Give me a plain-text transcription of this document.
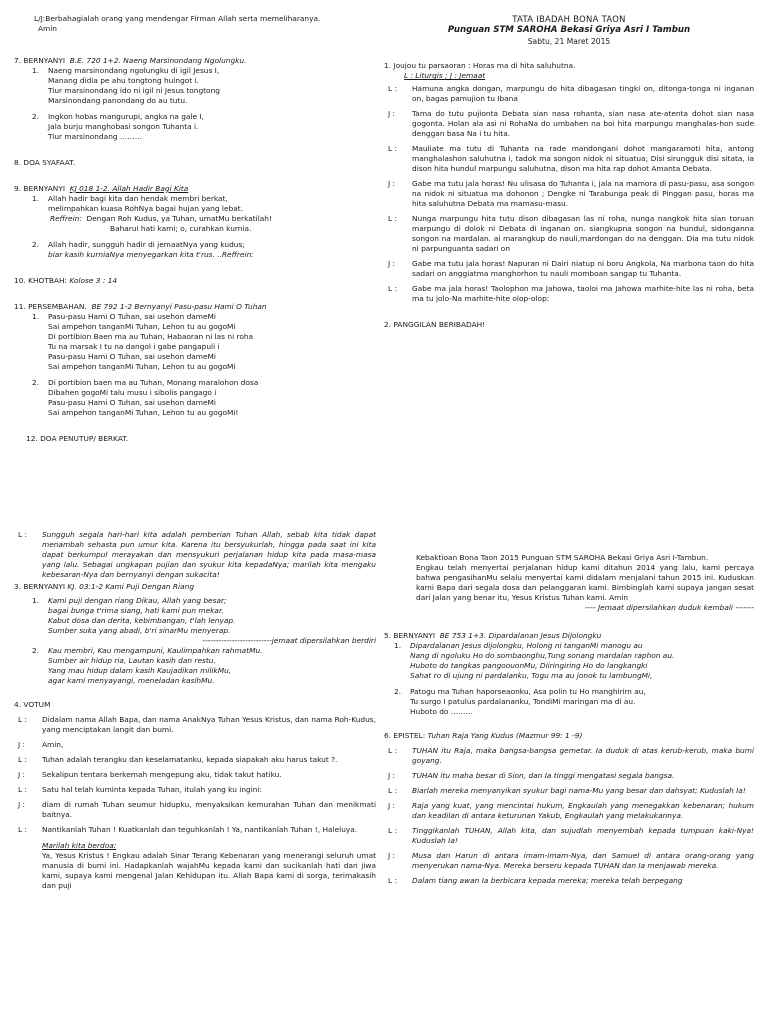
L/J:Berbahagialah orang yang mendengar Firman Allah serta memeliharanya.
Amin
7. BERNYANYI B.E. 720 1+2. Naeng Marsinondang Ngolungku.
1.	Naeng marsinondang ngolungku di igil Jesus I,
Manang didia pe ahu tongtong huingot i.
Tiur marsinondang ido ni igil ni Jesus tongtong
Marsinondang panondang do au tutu.
2.	Ingkon hobas mangurupi, angka na gale I,
Jala burju manghobasi songon Tuhanta i.
Tiur marsinondang ………
8. DOA SYAFAAT.
9. BERNYANYI KJ 018 1-2. Allah Hadir Bagi Kita
1.	Allah hadir bagi kita dan hendak membri berkat,
melimpahkan kuasa RohNya bagai hujan yang lebat.
Reffrein: Dengan Roh Kudus, ya Tuhan, umatMu berkatilah!
Baharui hati kami; o, curahkan kurnia.
2.	Allah hadir, sungguh hadir di jemaatNya yang kudus;
biar kasih kurniaNya menyegarkan kita t'rus. ..Reffrein:
10. KHOTBAH: Kolose 3 : 14
11. PERSEMBAHAN. BE 792 1-2 Bernyanyi Pasu-pasu Hami O Tuhan
1.	Pasu-pasu Hami O Tuhan, sai usehon dameMi
Sai ampehon tanganMi Tuhan, Lehon tu au gogoMi
Di portibion Baen ma au Tuhan, Habaoran ni las ni roha
Tu na marsak I tu na dangol i gabe pangapuli i
Pasu-pasu Hami O Tuhan, sai usehon dameMi
Sai ampehon tanganMi Tuhan, Lehon tu au gogoMi
2.	Di portibion baen ma au Tuhan, Monang maralohon dosa
Dibahen gogoMi talu musu i sibolis pangago i
Pasu-pasu Hami O Tuhan, sai usehon dameMi
Sai ampehon tanganMi Tuhan, Lehon tu au gogoMi!
12. DOA PENUTUP/ BERKAT.
TATA IBADAH BONA TAON
Punguan STM SAROHA Bekasi Griya Asri I Tambun
Sabtu, 21 Maret 2015
1. Joujou tu parsaoran : Horas ma di hita saluhutna.
L : Liturgis ; J : Jemaat
L :	Hamuna angka dongan, marpungu do hita dibagasan tingki on, ditonga-tonga ni inganan on, bagas pamujion tu Ibana
J :	Tama do tutu pujionta Debata sian nasa rohanta, sian nasa ate-atenta dohot sian nasa gogonta. Holan ala asi ni RohaNa do umbahen na boi hita marpungu manghalas-hon sude denggan basa Na i tu hita.
L :	Mauliate ma tutu di Tuhanta na rade mandongani dohot mangaramoti hita, antong manghalashon saluhutna i, tadok ma songon nidok ni situatua; Disi sirungguk disi sitata, ia dison hita hundul marpungu saluhutna, dison ma hita rap dohot Amanta Debata.
J :	Gabe ma tutu jala horas! Nu ulisasa do Tuhanta i, jala na mamora di pasu-pasu, asa songon na nidok ni situatua ma dohonon ; Dengke ni Tarabunga peak di Pinggan pasu, horas ma hita saluhutna Debata ma mamasu-masu.
L :	Nunga marpungu hita tutu dison dibagasan las ni roha, nunga nangkok hita sian toruan marpungu di dolok ni Debata di inganan on. siangkupna songon na hundul, sidonganna songon na mardalan. ai marangkup do nauli,mardongan do na denggan. Dia ma tutu nidok ni parpunguanta sadari on
J :	Gabe ma tutu jala horas! Napuran ni Dairi niatup ni boru Angkola, Na marbona taon do hita sadari on anggiatma manghorhon tu nauli momboan sangap tu Tuhanta.
L :	Gabe ma jala horas! Taolophon ma Jahowa, taoloi ma Jahowa marhite-hite las ni roha, beta ma tu jolo-Na marhite-hite olop-olop:
2. PANGGILAN BERIBADAH!
L :	Sungguh segala hari-hari kita adalah pemberian Tuhan Allah, sebab kita tidak dapat menambah sehasta pun umur kita. Karena itu bersyukurlah, hingga pada saat ini kita dapat berkumpul merayakan dan mensyukuri perjalanan hidup kita pada masa-masa yang lalu. Sebagai ungkapan pujian dan syukur kita kepadaNya; marilah kita mengaku kebesaran-Nya dan bernyanyi dengan sukacita!
3. BERNYANYI KJ. 03:1-2 Kami Puji Dengan Riang
1.	Kami puji dengan riang Dikau, Allah yang besar;
bagai bunga t'rima siang, hati kami pun mekar.
Kabut dosa dan derita, kebimbangan, t'lah lenyap.
Sumber suka yang abadi, b'ri sinarMu menyerap.
--------------------------jemaat dipersilahkan berdiri
2.	Kau membri, Kau mengampuni, Kaulimpahkan rahmatMu.
Sumber air hidup ria, Lautan kasih dan restu.
Yang mau hidup dalam kasih Kaujadikan milikMu,
agar kami menyayangi, meneladan kasihMu.
4. VOTUM
L :	Didalam nama Allah Bapa, dan nama AnakNya Tuhan Yesus Kristus, dan nama Roh-Kudus, yang menciptakan langit dan bumi.
J :	Amin,
L :	Tuhan adalah terangku dan keselamatanku, kepada siapakah aku harus takut ?.
J :	Sekalipun tentara berkemah mengepung aku, tidak takut hatiku.
L :	Satu hal telah kuminta kepada Tuhan, itulah yang ku ingini:
J :	diam di rumah Tuhan seumur hidupku, menyaksikan kemurahan Tuhan dan menikmati baitnya.
L :	Nantikanlah Tuhan ! Kuatkanlah dan teguhkanlah ! Ya, nantikanlah Tuhan !, Haleluya.
Marilah kita berdoa:
Ya, Yesus Kristus ! Engkau adalah Sinar Terang Kebenaran yang menerangi seluruh umat manusia di bumi ini. Hadapkanlah wajahMu kepada kami dan sucikanlah hati dan jiwa kami, supaya kami mengenal Jalan Kehidupan itu. Allah Bapa kami di sorga, terimakasih dan puji
Kebaktioan Bona Taon 2015 Punguan STM SAROHA Bekasi Griya Asri I-Tambun.
Engkau telah menyertai perjalanan hidup kami ditahun 2014 yang lalu, kami percaya bahwa pengasihanMu selalu menyertai kami didalam menjalani tahun 2015 ini. Kuduskan kami Bapa dari segala dosa dan pelanggaran kami. Bimbinglah kami supaya jangan sesat dari Jalan yang benar itu, Yesus Kristus Tuhan kami. Amin
---- Jemaat dipersilahkan duduk kembali -------
5. BERNYANYI BE 753 1+3. Dipardalanan Jesus Dijolongku
1.	Dipardalanan Jesus dijolongku, Holong ni tanganMi manogu au
Nang di ngoluku Ho do sombaonghu,Tung sonang mardalan raphon au.
Huboto do tangkas pangoouonMu, Diiringiring Ho do langkangki
Sahat ro di ujung ni pardalanku, Togu ma au jonok tu lambungMi,
2.	Patogu ma Tuhan haporseaonku, Asa polin tu Ho manghirim au,
Tu surgo I patulus pardalananku, TondiMi maringan ma di au.
Huboto do ………
6. EPISTEL: Tuhan Raja Yang Kudus (Mazmur 99: 1 -9)
L :	TUHAN itu Raja, maka bangsa-bangsa gemetar. Ia duduk di atas kerub-kerub, maka bumi goyang.
J :	TUHAN itu maha besar di Sion, dan Ia tinggi mengatasi segala bangsa.
L :	Biarlah mereka menyanyikan syukur bagi nama-Mu yang besar dan dahsyat; Kuduslah Ia!
J :	Raja yang kuat, yang mencintai hukum, Engkaulah yang menegakkan kebenaran; hukum dan keadilan di antara keturunan Yakub, Engkaulah yang melakukannya.
L :	Tinggikanlah TUHAN, Allah kita, dan sujudlah menyembah kepada tumpuan kaki-Nya! Kuduslah Ia!
J :	Musa dan Harun di antara imam-imam-Nya, dan Samuel di antara orang-orang yang menyerukan nama-Nya. Mereka berseru kepada TUHAN dan Ia menjawab mereka.
L :	Dalam tiang awan Ia berbicara kepada mereka; mereka telah berpegang
